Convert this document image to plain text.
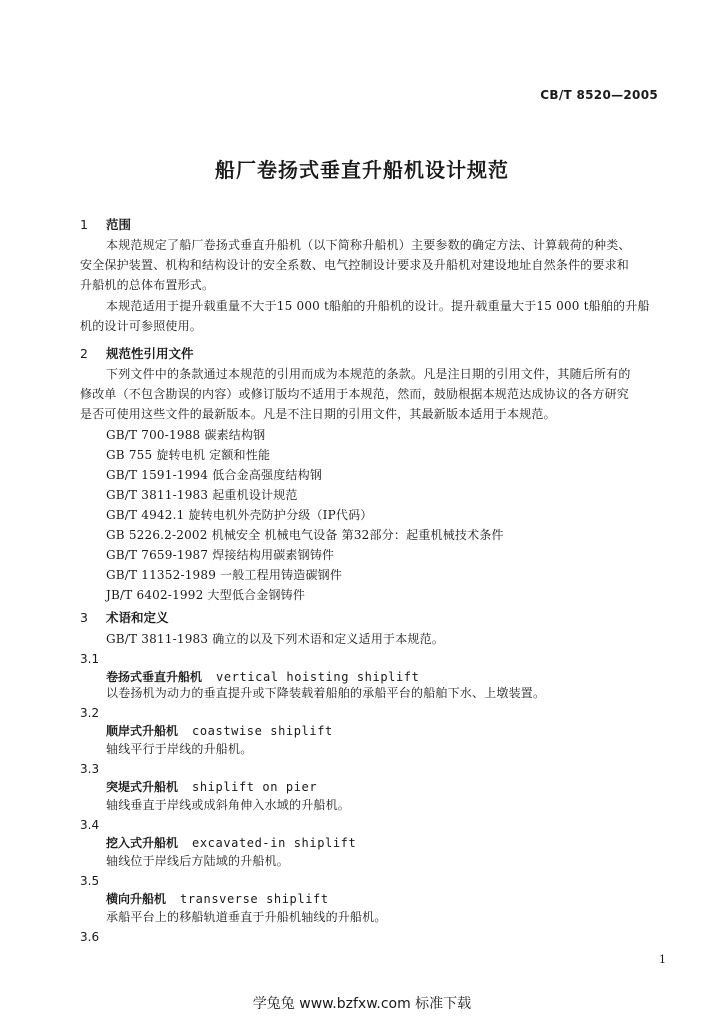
CB/T 8520—2005
船厂卷扬式垂直升船机设计规范
1 范围
本规范规定了船厂卷扬式垂直升船机（以下简称升船机）主要参数的确定方法、计算载荷的种类、
安全保护装置、机构和结构设计的安全系数、电气控制设计要求及升船机对建设地址自然条件的要求和
升船机的总体布置形式。
本规范适用于提升载重量不大于15 000 t船舶的升船机的设计。提升载重量大于15 000 t船舶的升船
机的设计可参照使用。
2 规范性引用文件
下列文件中的条款通过本规范的引用而成为本规范的条款。凡是注日期的引用文件，其随后所有的
修改单（不包含勘误的内容）或修订版均不适用于本规范，然而，鼓励根据本规范达成协议的各方研究
是否可使用这些文件的最新版本。凡是不注日期的引用文件，其最新版本适用于本规范。
GB/T 700-1988 碳素结构钢
GB 755 旋转电机 定额和性能
GB/T 1591-1994 低合金高强度结构钢
GB/T 3811-1983 起重机设计规范
GB/T 4942.1 旋转电机外壳防护分级（IP代码）
GB 5226.2-2002 机械安全 机械电气设备 第32部分：起重机械技术条件
GB/T 7659-1987 焊接结构用碳素钢铸件
GB/T 11352-1989 一般工程用铸造碳钢件
JB/T 6402-1992 大型低合金钢铸件
3 术语和定义
GB/T 3811-1983 确立的以及下列术语和定义适用于本规范。
3.1
卷扬式垂直升船机 vertical hoisting shiplift
以卷扬机为动力的垂直提升或下降装载着船舶的承船平台的船舶下水、上墩装置。
3.2
顺岸式升船机 coastwise shiplift
轴线平行于岸线的升船机。
3.3
突堤式升船机 shiplift on pier
轴线垂直于岸线或成斜角伸入水域的升船机。
3.4
挖入式升船机 excavated-in shiplift
轴线位于岸线后方陆域的升船机。
3.5
横向升船机 transverse shiplift
承船平台上的移船轨道垂直于升船机轴线的升船机。
3.6
1
学兔兔 www.bzfxw.com 标准下载
